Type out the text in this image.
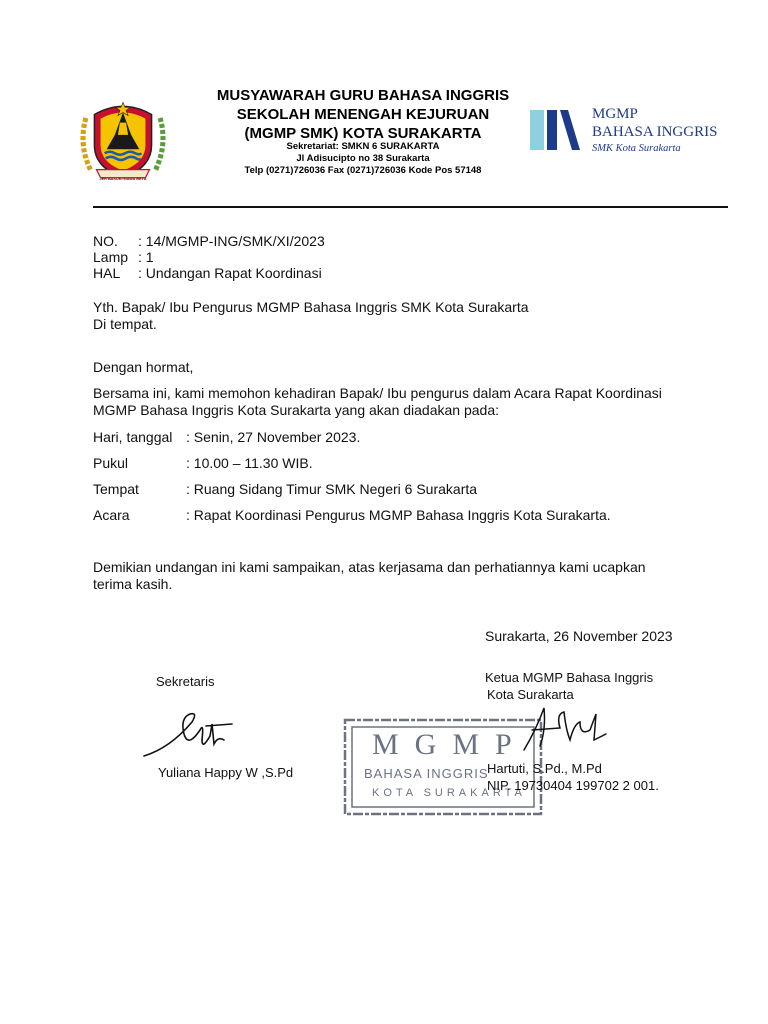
JER BASUKI MAWA BEYA
MUSYAWARAH GURU BAHASA INGGRIS
SEKOLAH MENENGAH KEJURUAN
(MGMP SMK) KOTA SURAKARTA
Sekretariat: SMKN 6 SURAKARTA
Jl Adisucipto no 38 Surakarta
Telp (0271)726036 Fax (0271)726036 Kode Pos 57148
MGMP
BAHASA INGGRIS
SMK Kota Surakarta
NO. : 14/MGMP-ING/SMK/XI/2023
Lamp : 1
HAL : Undangan Rapat Koordinasi
Yth. Bapak/ Ibu Pengurus MGMP Bahasa Inggris SMK Kota Surakarta
Di tempat.
Dengan hormat,
Bersama ini, kami memohon kehadiran Bapak/ Ibu pengurus dalam Acara Rapat Koordinasi
MGMP Bahasa Inggris Kota Surakarta yang akan diadakan pada:
Hari, tanggal : Senin, 27 November 2023.
Pukul	: 10.00 – 11.30 WIB.
Tempat	: Ruang Sidang Timur SMK Negeri 6 Surakarta
Acara	: Rapat Koordinasi Pengurus MGMP Bahasa Inggris Kota Surakarta.
Demikian undangan ini kami sampaikan, atas kerjasama dan perhatiannya kami ucapkan
terima kasih.
Surakarta, 26 November 2023
Sekretaris
Yuliana Happy W ,S.Pd
Ketua MGMP Bahasa Inggris
Kota Surakarta
MGMP
BAHASA INGGRIS
KOTA SURAKARTA
Hartuti, S.Pd., M.Pd
NIP. 19730404 199702 2 001.
